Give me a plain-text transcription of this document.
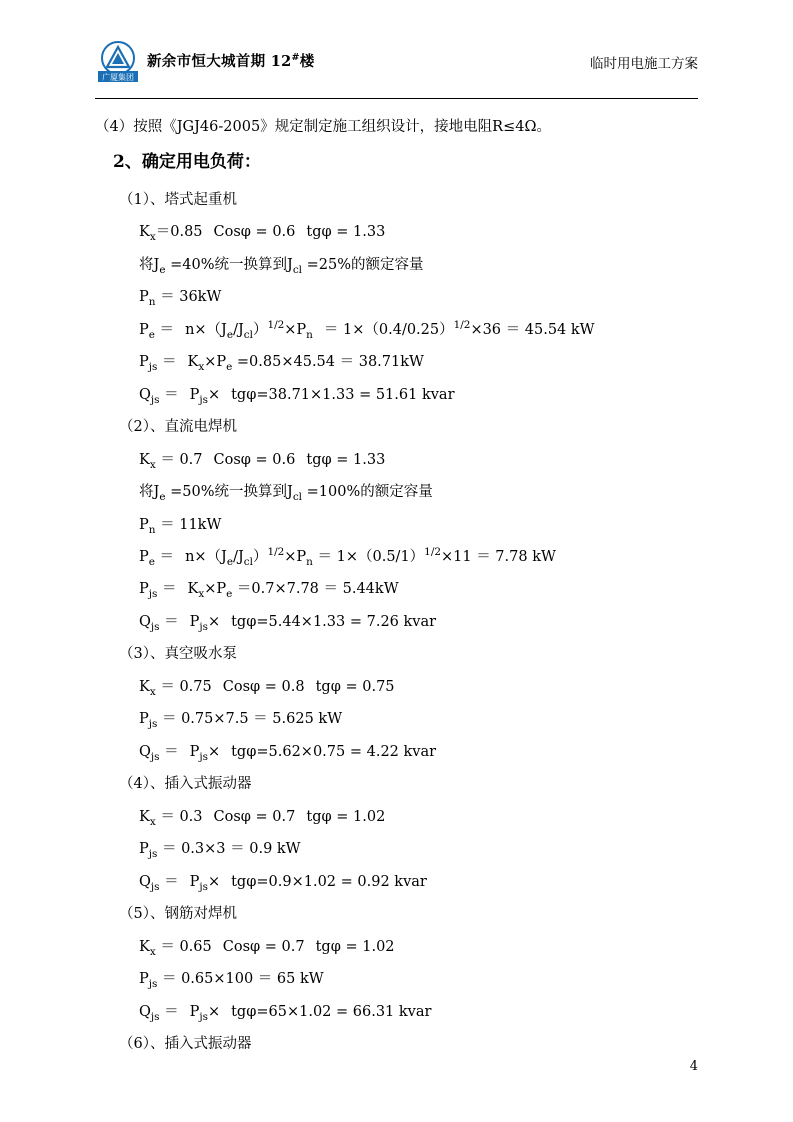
广厦集团
新余市恒大城首期 12#楼	临时用电施工方案

（4）按照《JGJ46-2005》规定制定施工组织设计，接地电阻R≤4Ω。

2、确定用电负荷：

（1）、塔式起重机

$K_x=0.85$ Cosφ = 0.6 tgφ = 1.33

将$J_e =40\%$统一换算到$J_{cl} =25\%$的额定容量

$P_n = 36kW$

$P_e = n\times(J_e/J_{cl})^{1/2}\times P_n = 1\times(0.4/0.25)^{1/2}\times 36 = 45.54$ kW

$P_{js} = K_x\times P_e =0.85\times 45.54 = 38.71kW$

$Q_{js} = P_{js}\times tg\varphi=38.71\times 1.33 = 51.61$ kvar

（2）、直流电焊机

$K_x = 0.7$ Cosφ = 0.6 tgφ = 1.33

将$J_e =50\%$统一换算到$J_{cl} =100\%$的额定容量

$P_n = 11kW$

$P_e = n\times(J_e/J_{cl})^{1/2}\times P_n = 1\times(0.5/1)^{1/2}\times 11 = 7.78$ kW

$P_{js} = K_x\times P_e =0.7\times 7.78 = 5.44kW$

$Q_{js} = P_{js}\times tg\varphi=5.44\times 1.33 = 7.26$ kvar

（3）、真空吸水泵

$K_x = 0.75$ Cosφ = 0.8 tgφ = 0.75

$P_{js} = 0.75\times 7.5 = 5.625$ kW

$Q_{js} = P_{js}\times tg\varphi=5.62\times 0.75 = 4.22$ kvar

（4）、插入式振动器

$K_x = 0.3$ Cosφ = 0.7 tgφ = 1.02

$P_{js} = 0.3\times 3 = 0.9$ kW

$Q_{js} = P_{js}\times tg\varphi=0.9\times 1.02 = 0.92$ kvar

（5）、钢筋对焊机

$K_x = 0.65$ Cosφ = 0.7 tgφ = 1.02

$P_{js} = 0.65\times 100 = 65$ kW

$Q_{js} = P_{js}\times tg\varphi=65\times 1.02 = 66.31$ kvar

（6）、插入式振动器

4
